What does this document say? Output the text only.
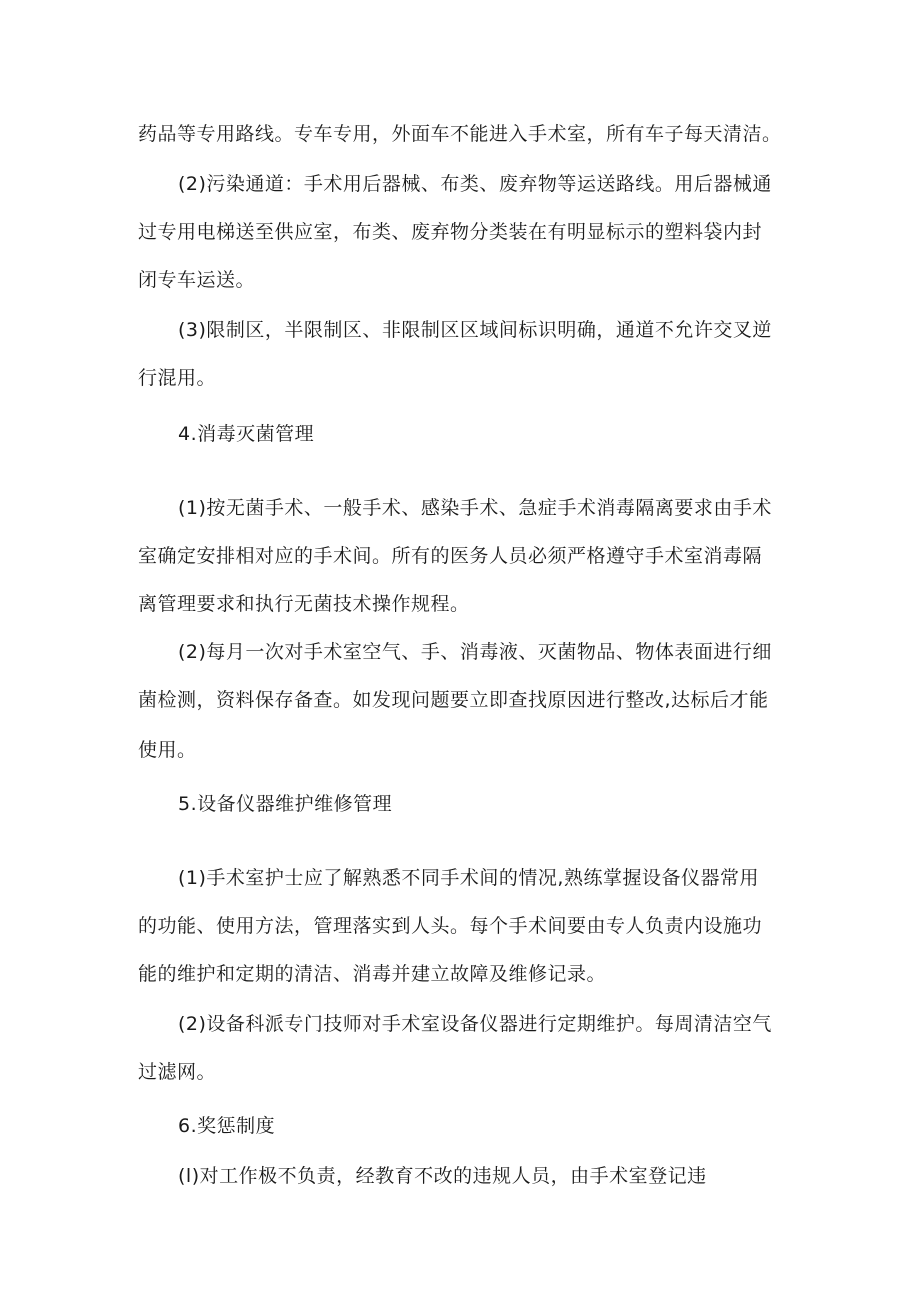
药品等专用路线。专车专用，外面车不能进入手术室，所有车子每天清洁。
(2)污染通道：手术用后器械、布类、废弃物等运送路线。用后器械通
过专用电梯送至供应室，布类、废弃物分类装在有明显标示的塑料袋内封
闭专车运送。
(3)限制区，半限制区、非限制区区域间标识明确，通道不允许交叉逆
行混用。
4.消毒灭菌管理
(1)按无菌手术、一般手术、感染手术、急症手术消毒隔离要求由手术
室确定安排相对应的手术间。所有的医务人员必须严格遵守手术室消毒隔
离管理要求和执行无菌技术操作规程。
(2)每月一次对手术室空气、手、消毒液、灭菌物品、物体表面进行细
菌检测，资料保存备查。如发现问题要立即查找原因进行整改,达标后才能
使用。
5.设备仪器维护维修管理
(1)手术室护士应了解熟悉不同手术间的情况,熟练掌握设备仪器常用
的功能、使用方法，管理落实到人头。每个手术间要由专人负责内设施功
能的维护和定期的清洁、消毒并建立故障及维修记录。
(2)设备科派专门技师对手术室设备仪器进行定期维护。每周清洁空气
过滤网。
6.奖惩制度
(l)对工作极不负责，经教育不改的违规人员，由手术室登记违
